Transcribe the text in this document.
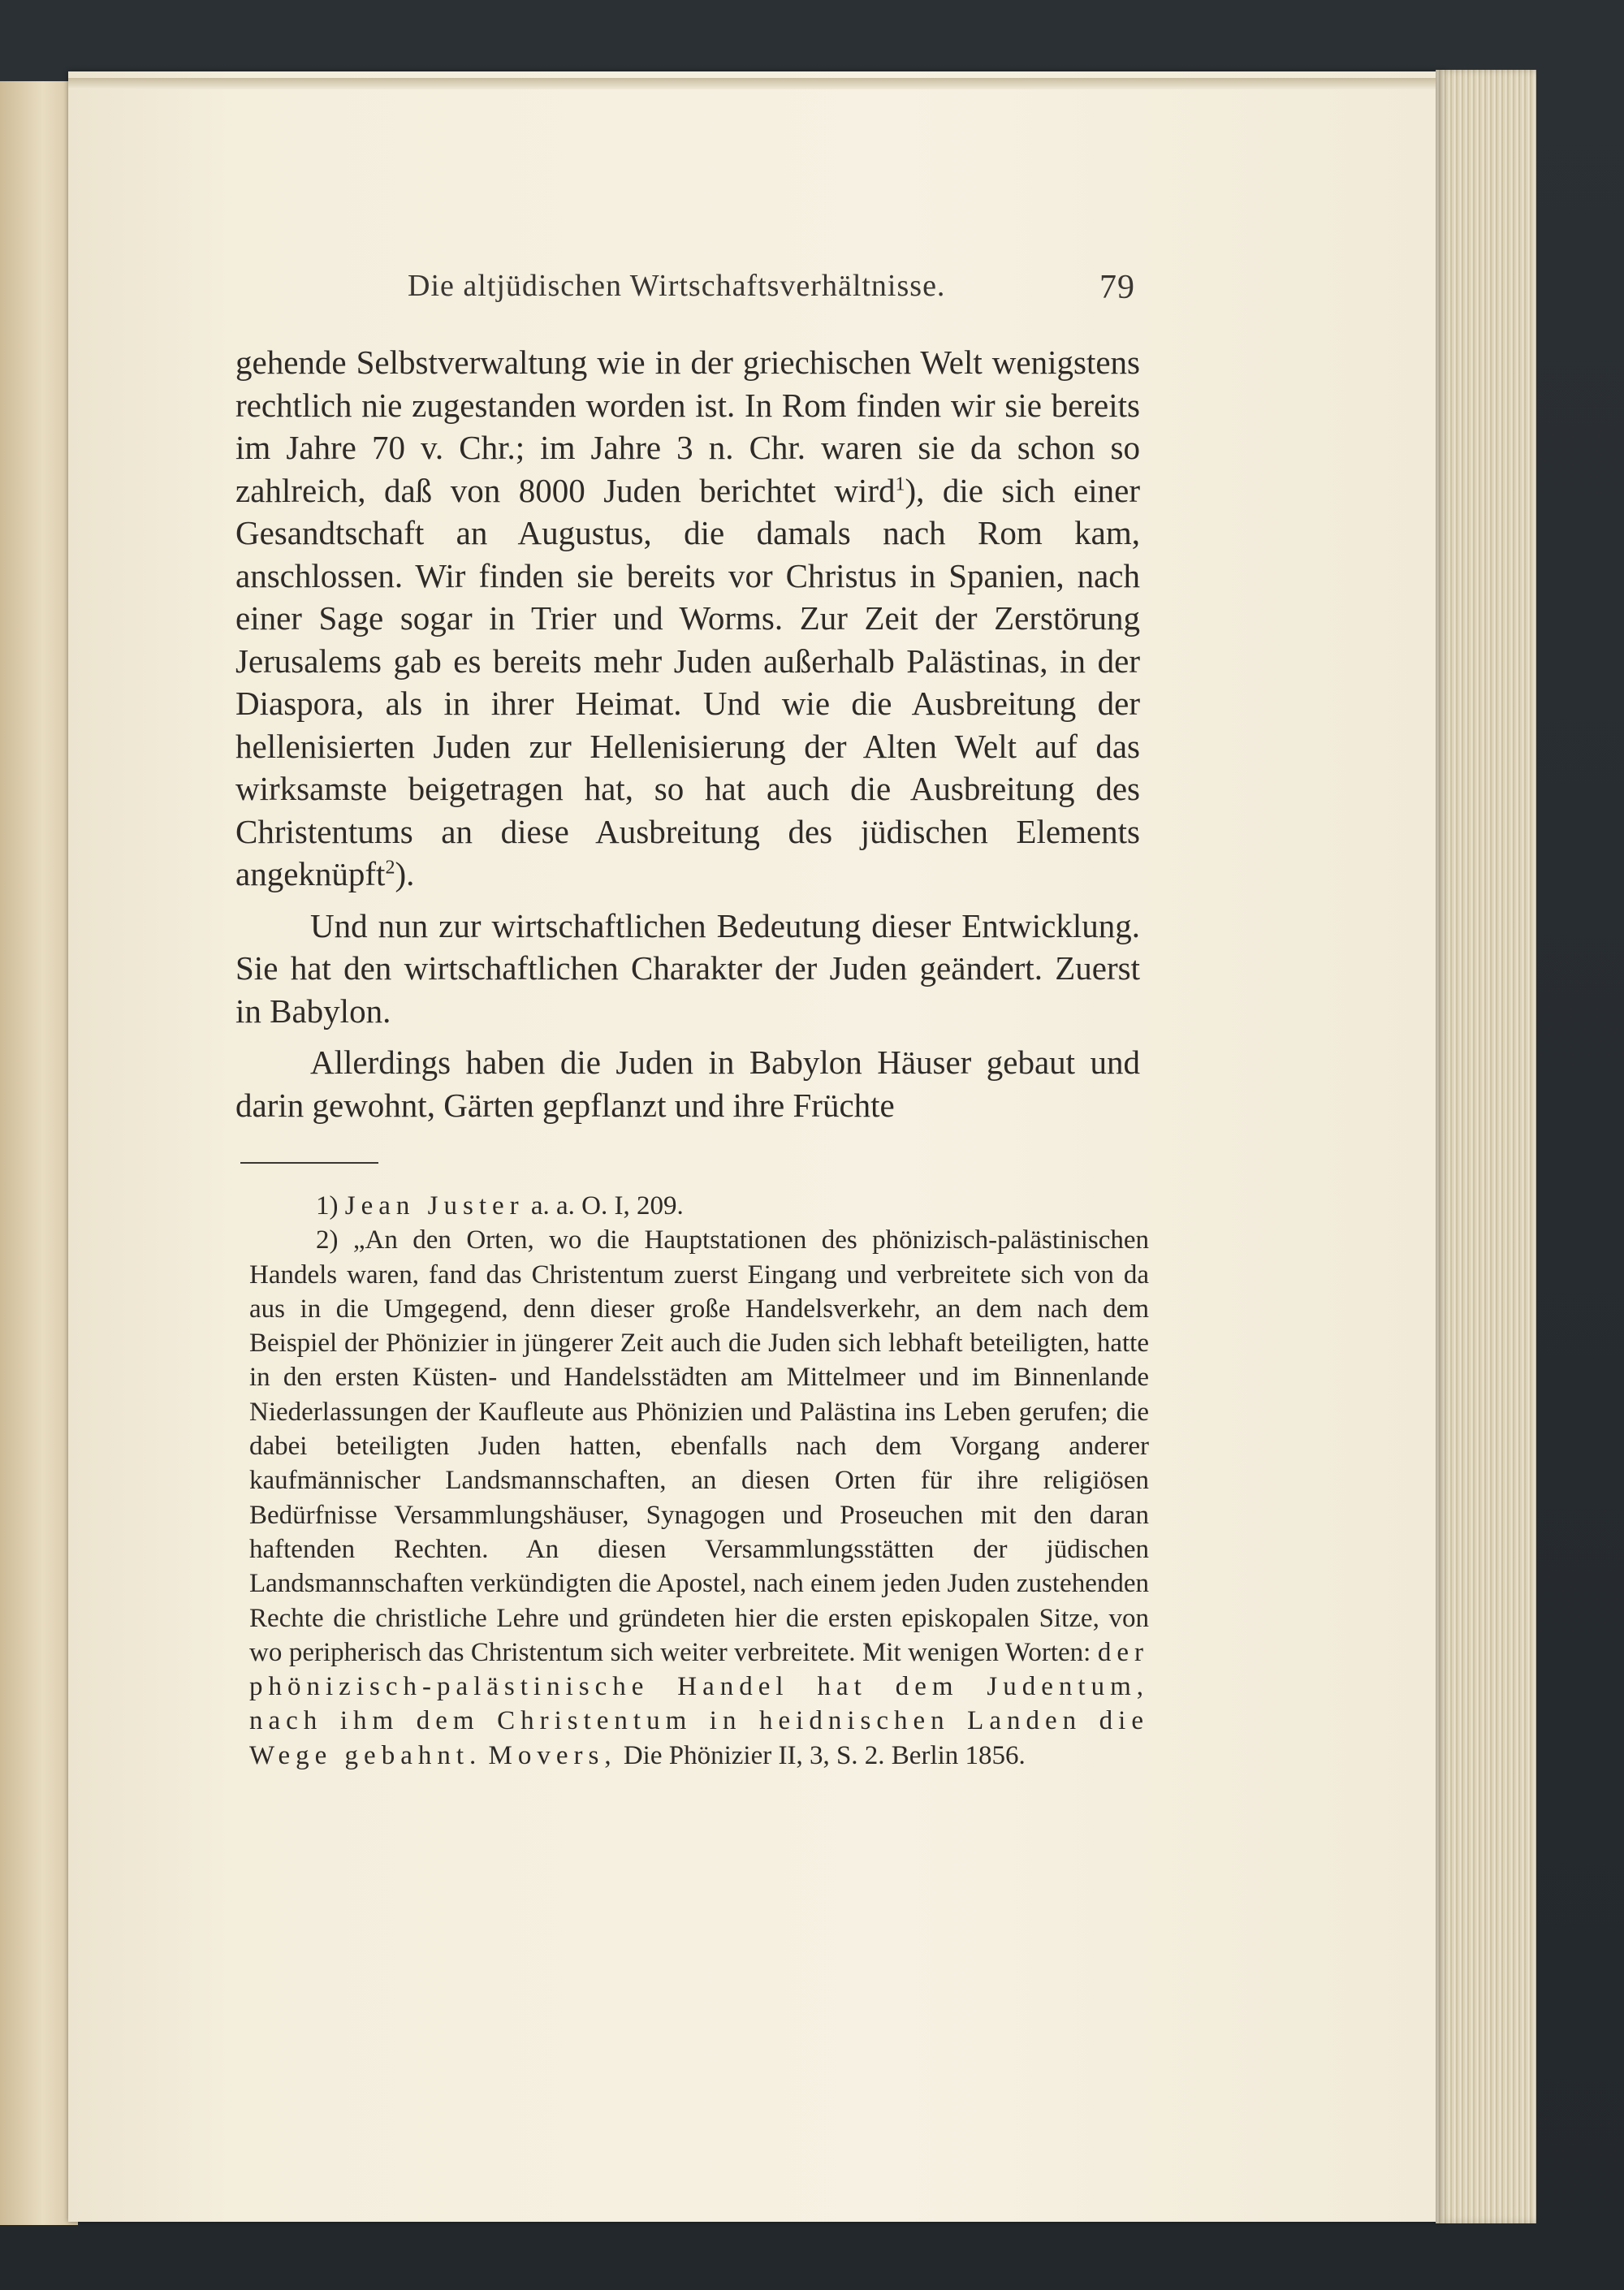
Die altjüdischen Wirtschaftsverhältnisse.	79

gehende Selbstverwaltung wie in der griechischen Welt wenigstens rechtlich nie zugestanden worden ist. In Rom finden wir sie bereits im Jahre 70 v. Chr.; im Jahre 3 n. Chr. waren sie da schon so zahlreich, daß von 8000 Juden berichtet wird$^1$), die sich einer Gesandtschaft an Augustus, die damals nach Rom kam, anschlossen. Wir finden sie bereits vor Christus in Spanien, nach einer Sage sogar in Trier und Worms. Zur Zeit der Zerstörung Jerusalems gab es bereits mehr Juden außerhalb Palästinas, in der Diaspora, als in ihrer Heimat. Und wie die Ausbreitung der hellenisierten Juden zur Hellenisierung der Alten Welt auf das wirksamste beigetragen hat, so hat auch die Ausbreitung des Christentums an diese Ausbreitung des jüdischen Elements angeknüpft$^2$).

Und nun zur wirtschaftlichen Bedeutung dieser Entwicklung. Sie hat den wirtschaftlichen Charakter der Juden geändert. Zuerst in Babylon.

Allerdings haben die Juden in Babylon Häuser gebaut und darin gewohnt, Gärten gepflanzt und ihre Früchte

1) Jean Juster a. a. O. I, 209.

2) „An den Orten, wo die Hauptstationen des phönizisch-palästinischen Handels waren, fand das Christentum zuerst Eingang und verbreitete sich von da aus in die Umgegend, denn dieser große Handelsverkehr, an dem nach dem Beispiel der Phönizier in jüngerer Zeit auch die Juden sich lebhaft beteiligten, hatte in den ersten Küsten- und Handelsstädten am Mittelmeer und im Binnenlande Niederlassungen der Kaufleute aus Phönizien und Palästina ins Leben gerufen; die dabei beteiligten Juden hatten, ebenfalls nach dem Vorgang anderer kaufmännischer Landsmannschaften, an diesen Orten für ihre religiösen Bedürfnisse Versammlungshäuser, Synagogen und Proseuchen mit den daran haftenden Rechten. An diesen Versammlungsstätten der jüdischen Landsmannschaften verkündigten die Apostel, nach einem jeden Juden zustehenden Rechte die christliche Lehre und gründeten hier die ersten episkopalen Sitze, von wo peripherisch das Christentum sich weiter verbreitete. Mit wenigen Worten: der phönizisch-palästinische Handel hat dem Judentum, nach ihm dem Christentum in heidnischen Landen die Wege gebahnt. Movers, Die Phönizier II, 3, S. 2. Berlin 1856.
